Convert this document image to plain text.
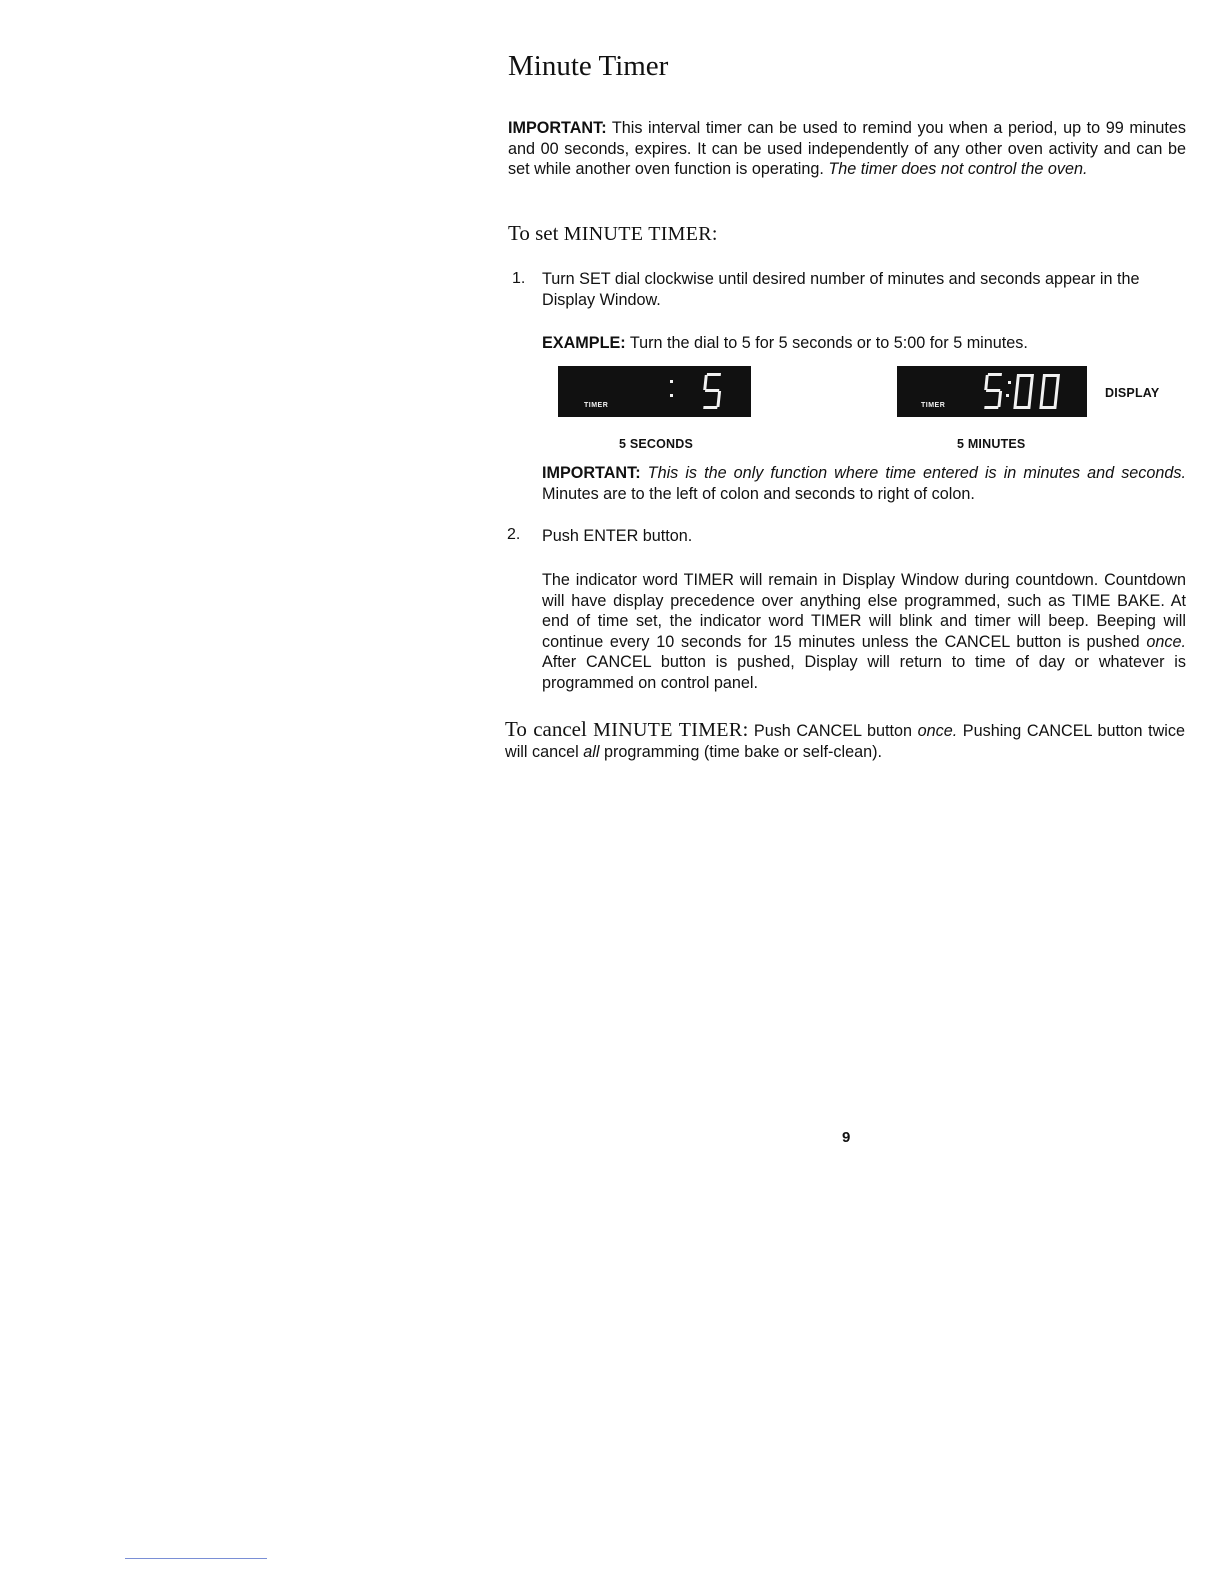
Minute Timer
IMPORTANT: This interval timer can be used to remind you when a period, up to 99 minutes and 00 seconds, expires. It can be used independently of any other oven activity and can be set while another oven function is operating. The timer does not control the oven.
To set MINUTE TIMER:
1. Turn SET dial clockwise until desired number of minutes and seconds appear in the Display Window.
EXAMPLE: Turn the dial to 5 for 5 seconds or to 5:00 for 5 minutes.
TIMER
5 SECONDS
TIMER
5 MINUTES
DISPLAY
IMPORTANT: This is the only function where time entered is in minutes and seconds. Minutes are to the left of colon and seconds to right of colon.
2. Push ENTER button.
The indicator word TIMER will remain in Display Window during countdown. Countdown will have display precedence over anything else programmed, such as TIME BAKE. At end of time set, the indicator word TIMER will blink and timer will beep. Beeping will continue every 10 seconds for 15 minutes unless the CANCEL button is pushed once. After CANCEL button is pushed, Display will return to time of day or whatever is programmed on control panel.
To cancel MINUTE TIMER: Push CANCEL button once. Pushing CANCEL button twice will cancel all programming (time bake or self-clean).
9
